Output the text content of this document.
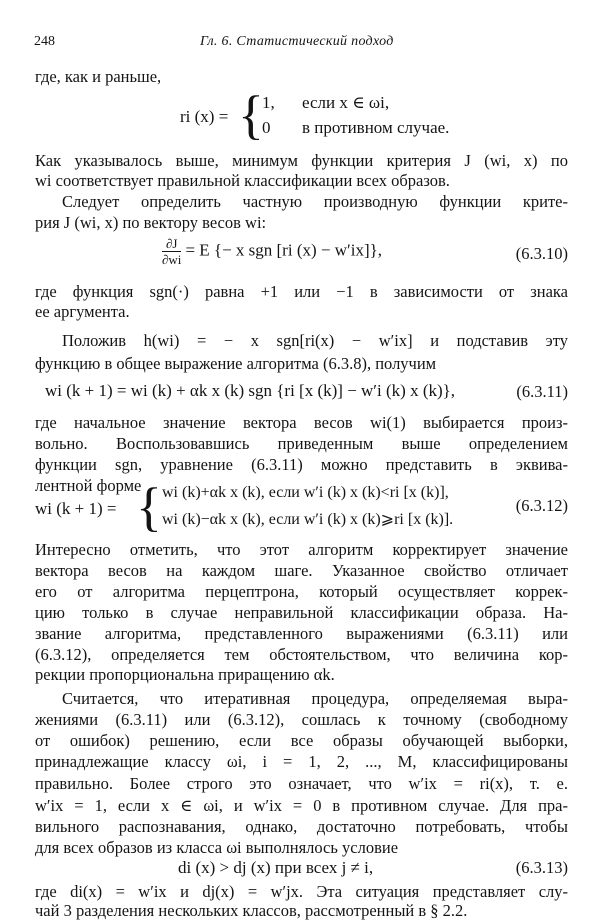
248	Гл. 6. Статистический подход
где, как и раньше,
ri (x) = {
1, если x ∈ ωi,
0 в противном случае.
Как указывалось выше, минимум функции критерия J (wi, x) по
wi соответствует правильной классификации всех образов.
Следует определить частную производную функции крите-
рия J (wi, x) по вектору весов wi:
$\frac{\partial J}{\partial wi} = E$ {− x sgn [ri (x) − w′ix]},	(6.3.10)
где функция sgn(·) равна +1 или −1 в зависимости от знака
ее аргумента.
Положив h(wi) = − x sgn[ri(x) − w′ix] и подставив эту
функцию в общее выражение алгоритма (6.3.8), получим
wi (k + 1) = wi (k) + αk x (k) sgn {ri [x (k)] − w′i (k) x (k)},	(6.3.11)
где начальное значение вектора весов wi(1) выбирается произ-
вольно. Воспользовавшись приведенным выше определением
функции sgn, уравнение (6.3.11) можно представить в эквива-
лентной форме
wi (k + 1) = { wi (k)+αk x (k), если w′i (k) x (k)<ri [x (k)],
wi (k)−αk x (k), если w′i (k) x (k)⩾ri [x (k)].
(6.3.12)
Интересно отметить, что этот алгоритм корректирует значение
вектора весов на каждом шаге. Указанное свойство отличает
его от алгоритма перцептрона, который осуществляет коррек-
цию только в случае неправильной классификации образа. На-
звание алгоритма, представленного выражениями (6.3.11) или
(6.3.12), определяется тем обстоятельством, что величина кор-
рекции пропорциональна приращению αk.
Считается, что итеративная процедура, определяемая выра-
жениями (6.3.11) или (6.3.12), сошлась к точному (свободному
от ошибок) решению, если все образы обучающей выборки,
принадлежащие классу ωi, i = 1, 2, ..., M, классифицированы
правильно. Более строго это означает, что w′ix = ri(x), т. е.
w′ix = 1, если x ∈ ωi, и w′ix = 0 в противном случае. Для пра-
вильного распознавания, однако, достаточно потребовать, чтобы
для всех образов из класса ωi выполнялось условие
di (x) > dj (x) при всех j ≠ i,	(6.3.13)
где di(x) = w′ix и dj(x) = w′jx. Эта ситуация представляет слу-
чай 3 разделения нескольких классов, рассмотренный в § 2.2.
